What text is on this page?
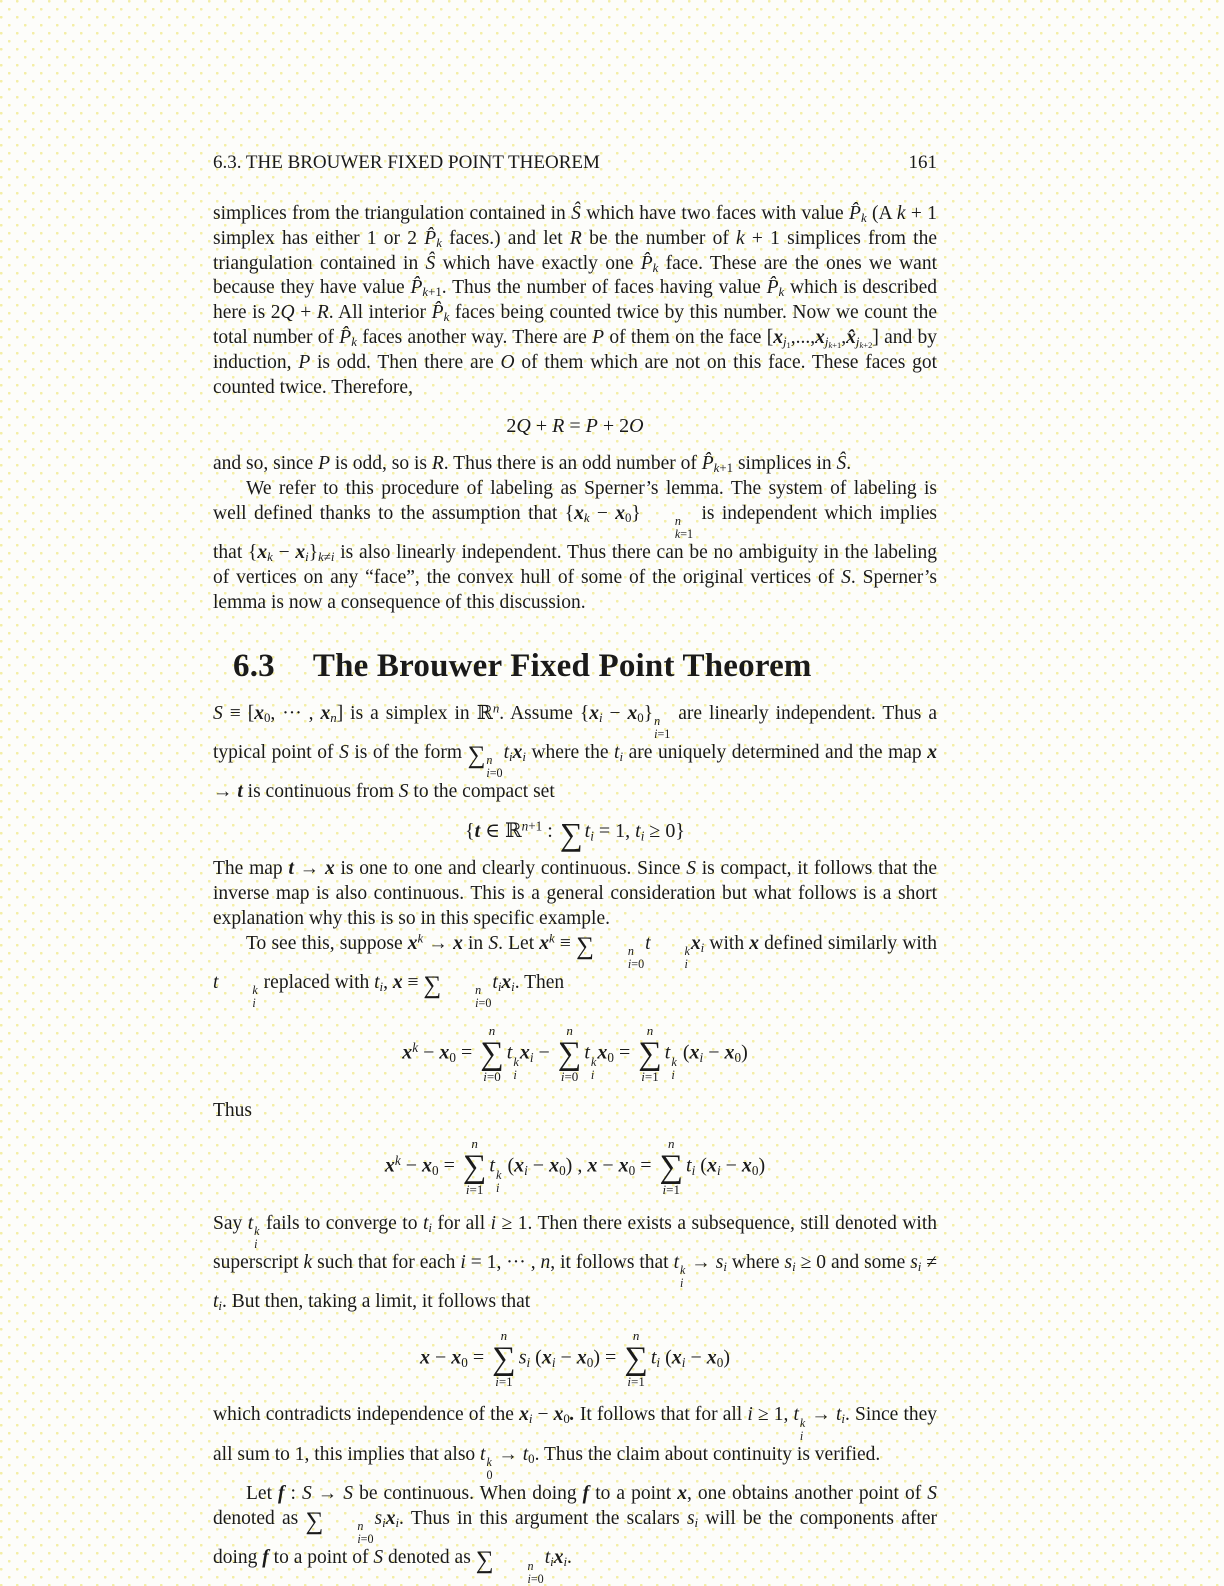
6.3. THE BROUWER FIXED POINT THEOREM	161
simplices from the triangulation contained in Ŝ which have two faces with value $P̂_k$ (A k + 1 simplex has either 1 or 2 $P̂_k$ faces.) and let R be the number of k + 1 simplices from the triangulation contained in Ŝ which have exactly one $P̂_k$ face. These are the ones we want because they have value $P̂_{k+1}$. Thus the number of faces having value $P̂_k$ which is described here is 2Q + R. All interior $P̂_k$ faces being counted twice by this number. Now we count the total number of $P̂_k$ faces another way. There are P of them on the face $[x_{j_1},...,x_{j_{k+1}},x̂_{j_{k+2}}]$ and by induction, P is odd. Then there are O of them which are not on this face. These faces got counted twice. Therefore,
2Q + R = P + 2O
and so, since P is odd, so is R. Thus there is an odd number of $P̂_{k+1}$ simplices in Ŝ.
We refer to this procedure of labeling as Sperner’s lemma. The system of labeling is well defined thanks to the assumption that $\{x_k - x_0\}$	n
k=1
is independent which implies that $\{x_k - x_i\}_{k\ne i}$ is also linearly independent. Thus there can be no ambiguity in the labeling of vertices on any “face”, the convex hull of some of the original vertices of S. Sperner’s lemma is now a consequence of this discussion.
6.3 The Brouwer Fixed Point Theorem
$S \equiv [x_0$, ··· , $x_n$] is a simplex in ℝ$^n$. Assume $\{x_i - x_0\}$ n
i=1
are linearly independent. Thus a typical point of S is of the form ∑ n
i=0
$t_ix_i$ where the $t_i$ are uniquely determined and the map x → t is continuous from S to the compact set
{t ∈ ℝ$^{n+1}$ : ∑ $t_i = 1$, $t_i \ge 0$}
The map t → x is one to one and clearly continuous. Since S is compact, it follows that the inverse map is also continuous. This is a general consideration but what follows is a short explanation why this is so in this specific example.
To see this, suppose $x^k \to x$ in S. Let $x^k$ ≡ ∑	n
i=0
t	k
i
$x_i$ with x defined similarly with t	k
i
replaced with $t_i$, x ≡ ∑	n
i=0
$t_ix_i$. Then
$x^k - x_0$ =
n
∑
i=0
t k
i
$x_i$ −
n
∑
i=0
t k
i
$x_0$ =
n
∑
i=1
t k
i
$(x_i - x_0)$
Thus
$x^k - x_0$ =
n
∑
i=1
t k
i
$(x_i - x_0)$ , $x - x_0$ =
n
∑
i=1
$t_i$ $(x_i - x_0)$
Say t k
i
fails to converge to $t_i$ for all i ≥ 1. Then there exists a subsequence, still denoted with superscript k such that for each i = 1, ··· , n, it follows that t k
i
→ $s_i$ where $s_i \ge 0$ and some $s_i \ne t_i$. But then, taking a limit, it follows that
$x - x_0$ =
n
∑
i=1
$s_i$ $(x_i - x_0)$ =
n
∑
i=1
$t_i$ $(x_i - x_0)$
which contradicts independence of the $x_i - x_0$. It follows that for all i ≥ 1, t k
i
→ $t_i$. Since they all sum to 1, this implies that also t k
0
→ $t_0$. Thus the claim about continuity is verified.
Let f : S → S be continuous. When doing f to a point x, one obtains another point of S denoted as ∑	n
i=0
$s_ix_i$. Thus in this argument the scalars $s_i$ will be the components after doing f to a point of S denoted as ∑	n
i=0
$t_ix_i$.
